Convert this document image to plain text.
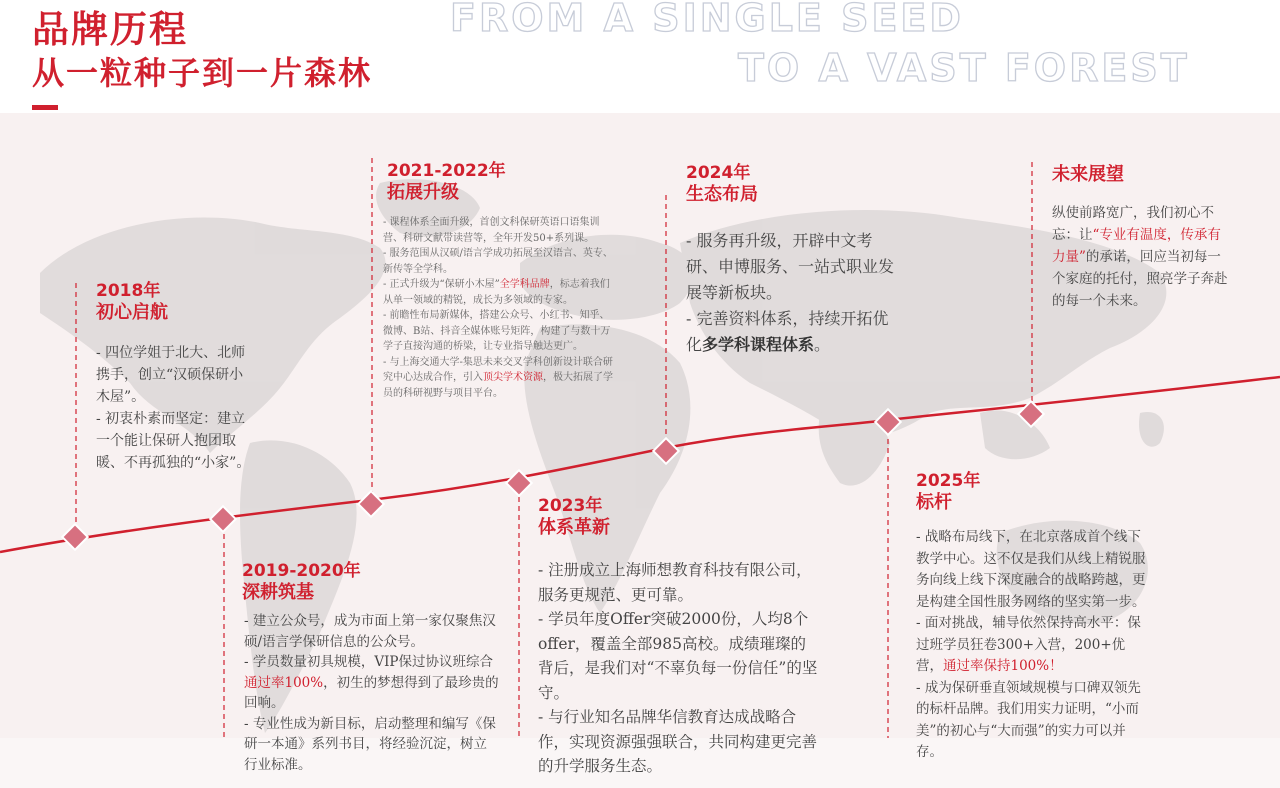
品牌历程
从一粒种子到一片森林
FROM A SINGLE SEED
TO A VAST FOREST
2018年
初心启航

- 四位学姐于北大、北师携手，创立“汉硕保研小木屋”。

- 初衷朴素而坚定：建立一个能让保研人抱团取暖、不再孤独的“小家”。

2019-2020年
深耕筑基

- 建立公众号，成为市面上第一家仅聚焦汉硕/语言学保研信息的公众号。

- 学员数量初具规模，VIP保过协议班综合通过率100%，初生的梦想得到了最珍贵的回响。

- 专业性成为新目标，启动整理和编写《保研一本通》系列书目，将经验沉淀，树立行业标准。

2021-2022年
拓展升级

- 课程体系全面升级，首创文科保研英语口语集训营、科研文献带读营等，全年开发50+系列课。

- 服务范围从汉硕/语言学成功拓展至汉语言、英专、新传等全学科。

- 正式升级为“保研小木屋”全学科品牌，标志着我们从单一领域的精锐，成长为多领域的专家。

- 前瞻性布局新媒体，搭建公众号、小红书、知乎、微博、B站、抖音全媒体账号矩阵，构建了与数十万学子直接沟通的桥梁，让专业指导触达更广。

- 与上海交通大学-集思未来交叉学科创新设计联合研究中心达成合作，引入顶尖学术资源，极大拓展了学员的科研视野与项目平台。

2023年
体系革新

- 注册成立上海师想教育科技有限公司，服务更规范、更可靠。

- 学员年度Offer突破2000份，人均8个offer，覆盖全部985高校。成绩璀璨的背后，是我们对“不辜负每一份信任”的坚守。

- 与行业知名品牌华信教育达成战略合作，实现资源强强联合，共同构建更完善的升学服务生态。

2024年
生态布局

- 服务再升级，开辟中文考研、申博服务、一站式职业发展等新板块。

- 完善资料体系，持续开拓优化多学科课程体系。

2025年
标杆

- 战略布局线下，在北京落成首个线下教学中心。这不仅是我们从线上精锐服务向线上线下深度融合的战略跨越，更是构建全国性服务网络的坚实第一步。

- 面对挑战，辅导依然保持高水平：保过班学员狂卷300+入营，200+优营，通过率保持100%！

- 成为保研垂直领域规模与口碑双领先的标杆品牌。我们用实力证明，“小而美”的初心与“大而强”的实力可以并存。

未来展望

纵使前路宽广，我们初心不忘：让“专业有温度，传承有力量”的承诺，回应当初每一个家庭的托付，照亮学子奔赴的每一个未来。
